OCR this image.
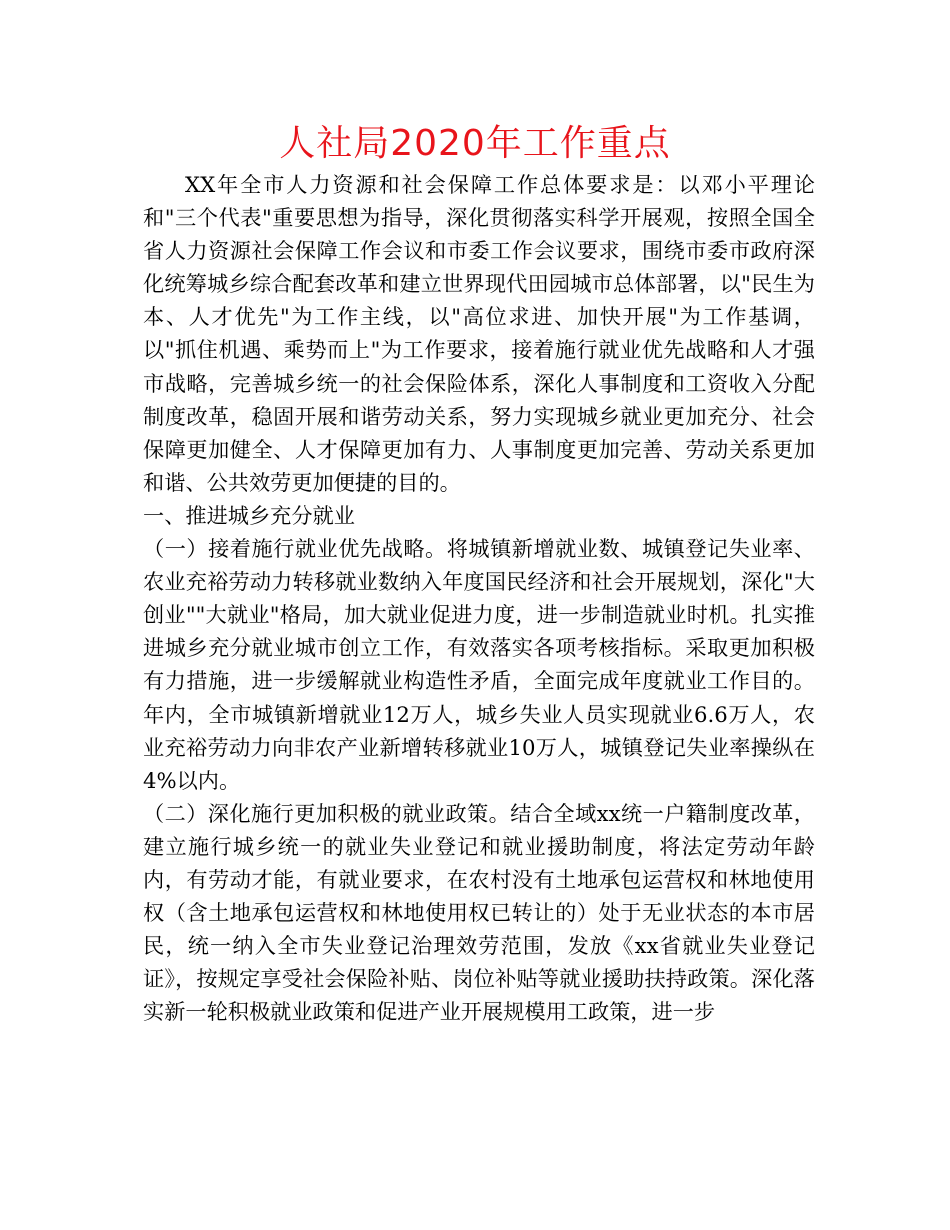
人社局2020年工作重点

XX年全市人力资源和社会保障工作总体要求是：以邓小平理论和"三个代表"重要思想为指导，深化贯彻落实科学开展观，按照全国全省人力资源社会保障工作会议和市委工作会议要求，围绕市委市政府深化统筹城乡综合配套改革和建立世界现代田园城市总体部署，以"民生为本、人才优先"为工作主线，以"高位求进、加快开展"为工作基调，以"抓住机遇、乘势而上"为工作要求，接着施行就业优先战略和人才强市战略，完善城乡统一的社会保险体系，深化人事制度和工资收入分配制度改革，稳固开展和谐劳动关系，努力实现城乡就业更加充分、社会保障更加健全、人才保障更加有力、人事制度更加完善、劳动关系更加和谐、公共效劳更加便捷的目的。

一、推进城乡充分就业

（一）接着施行就业优先战略。将城镇新增就业数、城镇登记失业率、农业充裕劳动力转移就业数纳入年度国民经济和社会开展规划，深化"大创业""大就业"格局，加大就业促进力度，进一步制造就业时机。扎实推进城乡充分就业城市创立工作，有效落实各项考核指标。采取更加积极有力措施，进一步缓解就业构造性矛盾，全面完成年度就业工作目的。年内，全市城镇新增就业12万人，城乡失业人员实现就业6.6万人，农业充裕劳动力向非农产业新增转移就业10万人，城镇登记失业率操纵在4%以内。

（二）深化施行更加积极的就业政策。结合全域xx统一户籍制度改革，建立施行城乡统一的就业失业登记和就业援助制度，将法定劳动年龄内，有劳动才能，有就业要求，在农村没有土地承包运营权和林地使用权（含土地承包运营权和林地使用权已转让的）处于无业状态的本市居民，统一纳入全市失业登记治理效劳范围，发放《xx省就业失业登记证》，按规定享受社会保险补贴、岗位补贴等就业援助扶持政策。深化落实新一轮积极就业政策和促进产业开展规模用工政策，进一步
